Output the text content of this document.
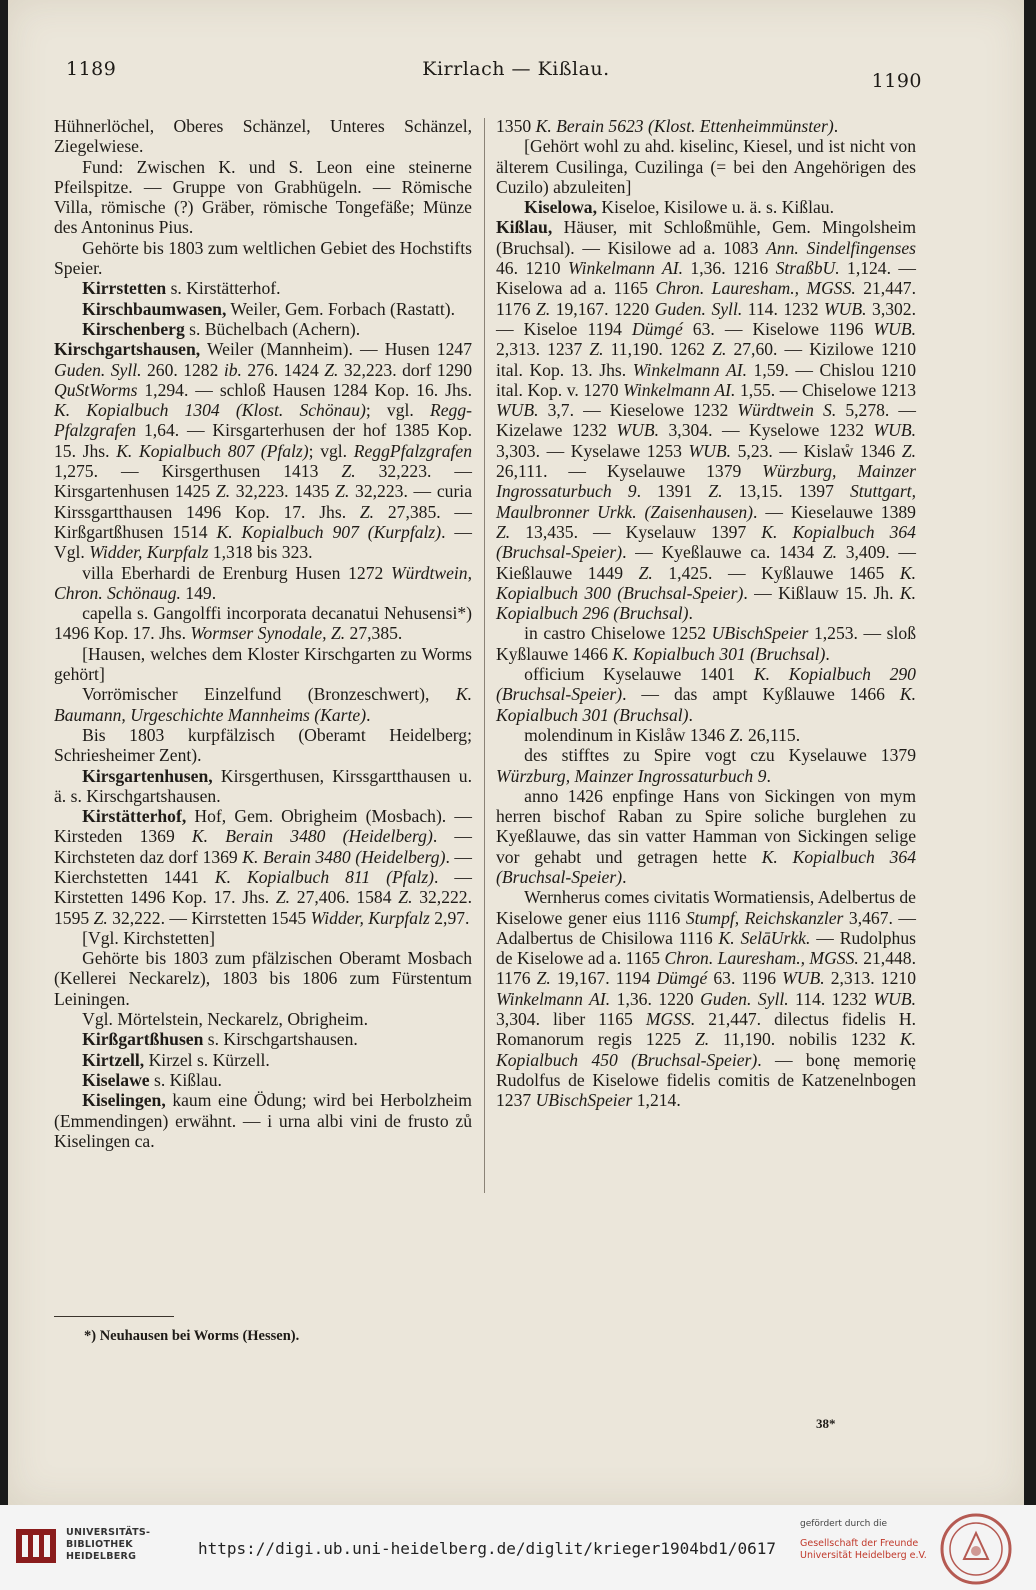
1189	Kirrlach — Kißlau.
1190

Hühnerlöchel, Oberes Schänzel, Unteres Schänzel, Ziegelwiese.

Fund: Zwischen K. und S. Leon eine steinerne Pfeilspitze. — Gruppe von Grabhügeln. — Römische Villa, römische (?) Gräber, römische Tongefäße; Münze des Antoninus Pius.

Gehörte bis 1803 zum weltlichen Gebiet des Hochstifts Speier.

Kirrstetten s. Kirstätterhof.

Kirschbaumwasen, Weiler, Gem. Forbach (Rastatt).

Kirschenberg s. Büchelbach (Achern).

Kirschgartshausen, Weiler (Mannheim). — Husen 1247 Guden. Syll. 260. 1282 ib. 276. 1424 Z. 32,223. dorf 1290 QuStWorms 1,294. — schloß Hausen 1284 Kop. 16. Jhs. K. Kopialbuch 1304 (Klost. Schönau); vgl. Regg-Pfalzgrafen 1,64. — Kirsgarterhusen der hof 1385 Kop. 15. Jhs. K. Kopialbuch 807 (Pfalz); vgl. ReggPfalzgrafen 1,275. — Kirsgerthusen 1413 Z. 32,223. — Kirsgartenhusen 1425 Z. 32,223. 1435 Z. 32,223. — curia Kirssgartthausen 1496 Kop. 17. Jhs. Z. 27,385. — Kirßgartßhusen 1514 K. Kopialbuch 907 (Kurpfalz). — Vgl. Widder, Kurpfalz 1,318 bis 323.

villa Eberhardi de Erenburg Husen 1272 Würdtwein, Chron. Schönaug. 149.

capella s. Gangolffi incorporata decanatui Nehusensi*) 1496 Kop. 17. Jhs. Wormser Synodale, Z. 27,385.

[Hausen, welches dem Kloster Kirschgarten zu Worms gehört]

Vorrömischer Einzelfund (Bronzeschwert), K. Baumann, Urgeschichte Mannheims (Karte).

Bis 1803 kurpfälzisch (Oberamt Heidelberg; Schriesheimer Zent).

Kirsgartenhusen, Kirsgerthusen, Kirssgartthausen u. ä. s. Kirschgartshausen.

Kirstätterhof, Hof, Gem. Obrigheim (Mosbach). — Kirsteden 1369 K. Berain 3480 (Heidelberg). — Kirchsteten daz dorf 1369 K. Berain 3480 (Heidelberg). — Kierchstetten 1441 K. Kopialbuch 811 (Pfalz). — Kirstetten 1496 Kop. 17. Jhs. Z. 27,406. 1584 Z. 32,222. 1595 Z. 32,222. — Kirrstetten 1545 Widder, Kurpfalz 2,97.

[Vgl. Kirchstetten]

Gehörte bis 1803 zum pfälzischen Oberamt Mosbach (Kellerei Neckarelz), 1803 bis 1806 zum Fürstentum Leiningen.

Vgl. Mörtelstein, Neckarelz, Obrigheim.

Kirßgartßhusen s. Kirschgartshausen.

Kirtzell, Kirzel s. Kürzell.

Kiselawe s. Kißlau.

Kiselingen, kaum eine Ödung; wird bei Herbolzheim (Emmendingen) erwähnt. — i urna albi vini de frusto zů Kiselingen ca.

1350 K. Berain 5623 (Klost. Ettenheimmünster).

[Gehört wohl zu ahd. kiselinc, Kiesel, und ist nicht von älterem Cusilinga, Cuzilinga (= bei den Angehörigen des Cuzilo) abzuleiten]

Kiselowa, Kiseloe, Kisilowe u. ä. s. Kißlau.

Kißlau, Häuser, mit Schloßmühle, Gem. Mingolsheim (Bruchsal). — Kisilowe ad a. 1083 Ann. Sindelfingenses 46. 1210 Winkelmann AI. 1,36. 1216 StraßbU. 1,124. — Kiselowa ad a. 1165 Chron. Lauresham., MGSS. 21,447. 1176 Z. 19,167. 1220 Guden. Syll. 114. 1232 WUB. 3,302. — Kiseloe 1194 Dümgé 63. — Kiselowe 1196 WUB. 2,313. 1237 Z. 11,190. 1262 Z. 27,60. — Kizilowe 1210 ital. Kop. 13. Jhs. Winkelmann AI. 1,59. — Chislou 1210 ital. Kop. v. 1270 Winkelmann AI. 1,55. — Chiselowe 1213 WUB. 3,7. — Kieselowe 1232 Würdtwein S. 5,278. — Kizelawe 1232 WUB. 3,304. — Kyselowe 1232 WUB. 3,303. — Kyselawe 1253 WUB. 5,23. — Kislaẘ 1346 Z. 26,111. — Kyselauwe 1379 Würzburg, Mainzer Ingrossaturbuch 9. 1391 Z. 13,15. 1397 Stuttgart, Maulbronner Urkk. (Zaisenhausen). — Kieselauwe 1389 Z. 13,435. — Kyselauw 1397 K. Kopialbuch 364 (Bruchsal-Speier). — Kyeßlauwe ca. 1434 Z. 3,409. — Kießlauwe 1449 Z. 1,425. — Kyßlauwe 1465 K. Kopialbuch 300 (Bruchsal-Speier). — Kißlauw 15. Jh. K. Kopialbuch 296 (Bruchsal).

in castro Chiselowe 1252 UBischSpeier 1,253. — sloß Kyßlauwe 1466 K. Kopialbuch 301 (Bruchsal).

officium Kyselauwe 1401 K. Kopialbuch 290 (Bruchsal-Speier). — das ampt Kyßlauwe 1466 K. Kopialbuch 301 (Bruchsal).

molendinum in Kislåw 1346 Z. 26,115.

des stifftes zu Spire vogt czu Kyselauwe 1379 Würzburg, Mainzer Ingrossaturbuch 9.

anno 1426 enpfinge Hans von Sickingen von mym herren bischof Raban zu Spire soliche burglehen zu Kyeßlauwe, das sin vatter Hamman von Sickingen selige vor gehabt und getragen hette K. Kopialbuch 364 (Bruchsal-Speier).

Wernherus comes civitatis Wormatiensis, Adelbertus de Kiselowe gener eius 1116 Stumpf, Reichskanzler 3,467. — Adalbertus de Chisilowa 1116 K. SelāUrkk. — Rudolphus de Kiselowe ad a. 1165 Chron. Lauresham., MGSS. 21,448. 1176 Z. 19,167. 1194 Dümgé 63. 1196 WUB. 2,313. 1210 Winkelmann AI. 1,36. 1220 Guden. Syll. 114. 1232 WUB. 3,304. liber 1165 MGSS. 21,447. dilectus fidelis H. Romanorum regis 1225 Z. 11,190. nobilis 1232 K. Kopialbuch 450 (Bruchsal-Speier). — bonę memorię Rudolfus de Kiselowe fidelis comitis de Katzenelnbogen 1237 UBischSpeier 1,214.

*) Neuhausen bei Worms (Hessen).
38*
UNIVERSITÄTS-
BIBLIOTHEK
HEIDELBERG	https://digi.ub.uni-heidelberg.de/diglit/krieger1904bd1/0617
gefördert durch die
Gesellschaft der Freunde
Universität Heidelberg e.V.
